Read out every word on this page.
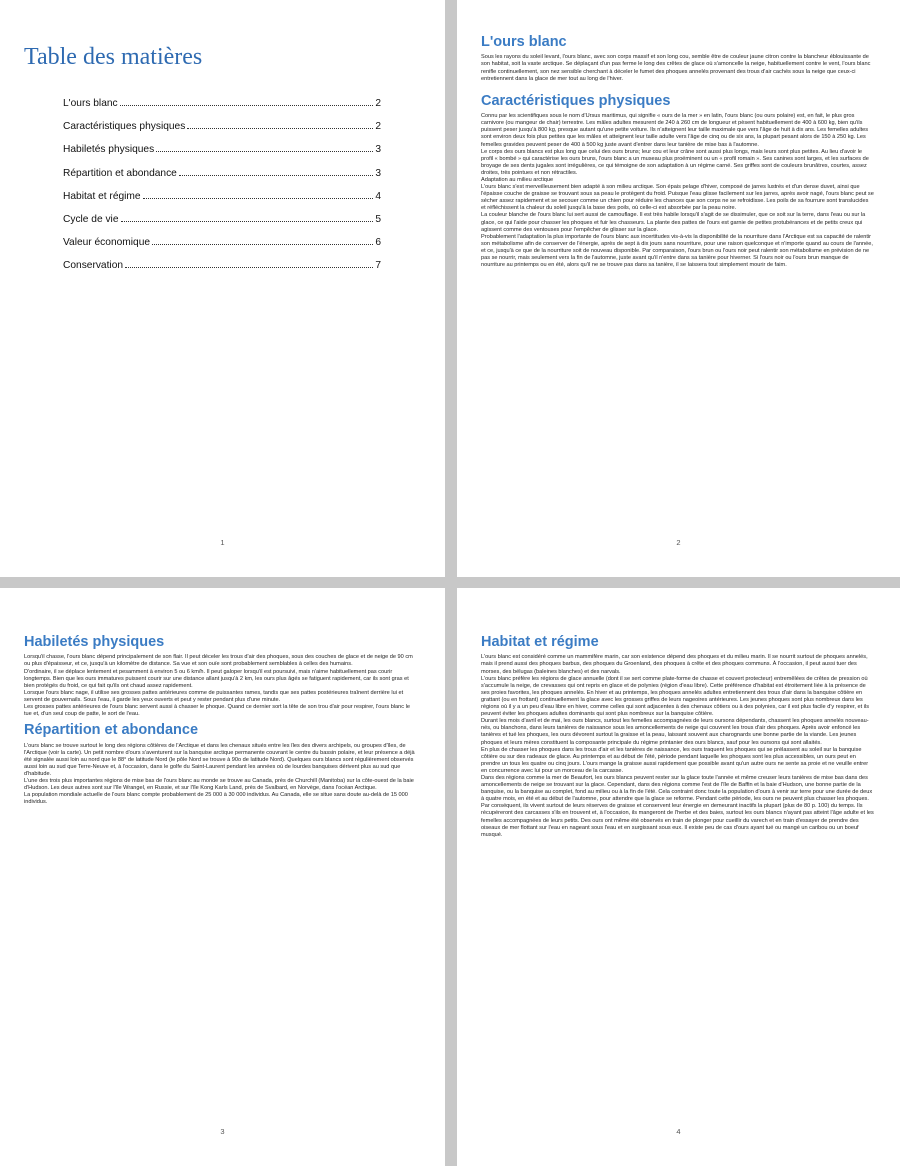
Table des matières
L'ours blanc	2
Caractéristiques physiques	2
Habiletés physiques	3
Répartition et abondance	3
Habitat et régime	4
Cycle de vie	5
Valeur économique	6
Conservation	7
1
L'ours blanc

Sous les rayons du soleil levant, l'ours blanc, avec son corps massif et son long cou, semble être de couleur jaune citron contre la blancheur éblouissante de son habitat, soit la vaste arctique. Se déplaçant d'un pas ferme le long des crêtes de glace où s'amoncelle la neige, habituellement contre le vent, l'ours blanc renifle continuellement, son nez sensible cherchant à déceler le fumet des phoques annelés provenant des trous d'air cachés sous la neige que ceux-ci entretiennent dans la glace de mer tout au long de l'hiver.

Caractéristiques physiques

Connu par les scientifiques sous le nom d'Ursus maritimus, qui signifie « ours de la mer » en latin, l'ours blanc (ou ours polaire) est, en fait, le plus gros carnivore (ou mangeur de chair) terrestre. Les mâles adultes mesurent de 240 à 260 cm de longueur et pèsent habituellement de 400 à 600 kg, bien qu'ils puissent peser jusqu'à 800 kg, presque autant qu'une petite voiture. Ils n'atteignent leur taille maximale que vers l'âge de huit à dix ans. Les femelles adultes sont environ deux fois plus petites que les mâles et atteignent leur taille adulte vers l'âge de cinq ou de six ans, la plupart pesant alors de 150 à 250 kg. Les femelles gravides peuvent peser de 400 à 500 kg juste avant d'entrer dans leur tanière de mise bas à l'automne.

Le corps des ours blancs est plus long que celui des ours bruns; leur cou et leur crâne sont aussi plus longs, mais leurs sont plus petites. Au lieu d'avoir le profil « bombé » qui caractérise les ours bruns, l'ours blanc a un museau plus proéminent ou un « profil romain ». Ses canines sont larges, et les surfaces de broyage de ses dents jugales sont irrégulières, ce qui témoigne de son adaptation à un régime carné. Ses griffes sont de couleurs brunâtres, courtes, assez droites, très pointues et non rétractiles.

Adaptation au milieu arctique

L'ours blanc s'est merveilleusement bien adapté à son milieu arctique. Son épais pelage d'hiver, composé de jarres lustrés et d'un dense duvet, ainsi que l'épaisse couche de graisse se trouvant sous sa peau le protègent du froid. Puisque l'eau glisse facilement sur les jarres, après avoir nagé, l'ours blanc peut se sécher assez rapidement et se secouer comme un chien pour réduire les chances que son corps ne se refroidisse. Les poils de sa fourrure sont translucides et réfléchissent la chaleur du soleil jusqu'à la base des poils, où celle-ci est absorbée par la peau noire.

La couleur blanche de l'ours blanc lui sert aussi de camouflage. Il est très habile lorsqu'il s'agit de se dissimuler, que ce soit sur la terre, dans l'eau ou sur la glace, ce qui l'aide pour chasser les phoques et fuir les chasseurs. La plante des pattes de l'ours est garnie de petites protubérances et de petits creux qui agissent comme des ventouses pour l'empêcher de glisser sur la glace.

Probablement l'adaptation la plus importante de l'ours blanc aux incertitudes vis-à-vis la disponibilité de la nourriture dans l'Arctique est sa capacité de ralentir son métabolisme afin de conserver de l'énergie, après de sept à dix jours sans nourriture, pour une raison quelconque et n'importe quand au cours de l'année, et ce, jusqu'à ce que de la nourriture soit de nouveau disponible. Par comparaison, l'ours brun ou l'ours noir peut ralentir son métabolisme en prévision de ne pas se nourrir, mais seulement vers la fin de l'automne, juste avant qu'il n'entre dans sa tanière pour hiverner. Si l'ours noir ou l'ours brun manque de nourriture au printemps ou en été, alors qu'il ne se trouve pas dans sa tanière, il se laissera tout simplement mourir de faim.

2
Habiletés physiques

Lorsqu'il chasse, l'ours blanc dépend principalement de son flair. Il peut déceler les trous d'air des phoques, sous des couches de glace et de neige de 90 cm ou plus d'épaisseur, et ce, jusqu'à un kilomètre de distance. Sa vue et son ouïe sont probablement semblables à celles des humains.

D'ordinaire, il se déplace lentement et pesamment à environ 5 ou 6 km/h. Il peut galoper lorsqu'il est poursuivi, mais n'aime habituellement pas courir longtemps. Bien que les ours immatures puissent courir sur une distance allant jusqu'à 2 km, les ours plus âgés se fatiguent rapidement, car ils sont gras et bien protégés du froid, ce qui fait qu'ils ont chaud assez rapidement.

Lorsque l'ours blanc nage, il utilise ses grosses pattes antérieures comme de puissantes rames, tandis que ses pattes postérieures traînent derrière lui et servent de gouvernails. Sous l'eau, il garde les yeux ouverts et peut y rester pendant plus d'une minute.

Les grosses pattes antérieures de l'ours blanc servent aussi à chasser le phoque. Quand ce dernier sort la tête de son trou d'air pour respirer, l'ours blanc le tue et, d'un seul coup de patte, le sort de l'eau.

Répartition et abondance

L'ours blanc se trouve surtout le long des régions côtières de l'Arctique et dans les chenaux situés entre les îles des divers archipels, ou groupes d'îles, de l'Arctique (voir la carte). Un petit nombre d'ours s'aventurent sur la banquise arctique permanente couvrant le centre du bassin polaire, et leur présence a déjà été signalée aussi loin au nord que le 88° de latitude Nord (le pôle Nord se trouve à 90o de latitude Nord). Quelques ours blancs sont régulièrement observés aussi loin au sud que Terre-Neuve et, à l'occasion, dans le golfe du Saint-Laurent pendant les années où de lourdes banquises dérivent plus au sud que d'habitude.

L'une des trois plus importantes régions de mise bas de l'ours blanc au monde se trouve au Canada, près de Churchill (Manitoba) sur la côte-ouest de la baie d'Hudson. Les deux autres sont sur l'île Wrangel, en Russie, et sur l'île Kong Karls Land, près de Svalbard, en Norvège, dans l'océan Arctique.

La population mondiale actuelle de l'ours blanc compte probablement de 25 000 à 30 000 individus. Au Canada, elle se situe sans doute au-delà de 15 000 individus.

3
Habitat et régime

L'ours blanc est considéré comme un mammifère marin, car son existence dépend des phoques et du milieu marin. Il se nourrit surtout de phoques annelés, mais il prend aussi des phoques barbus, des phoques du Groenland, des phoques à crête et des phoques communs. À l'occasion, il peut aussi tuer des morses, des bélugas (baleines blanches) et des narvals.

L'ours blanc préfère les régions de glace annuelle (dont il se sert comme plate-forme de chasse et couvert protecteur) entremêlées de crêtes de pression où s'accumule la neige, de crevasses qui ont repris en glace et de polynies (région d'eau libre). Cette préférence d'habitat est étroitement liée à la présence de ses proies favorites, les phoques annelés. En hiver et au printemps, les phoques annelés adultes entretiennent des trous d'air dans la banquise côtière en grattant (ou en frottant) continuellement la glace avec les grosses griffes de leurs nageoires antérieures. Les jeunes phoques sont plus nombreux dans les régions où il y a un peu d'eau libre en hiver, comme celles qui sont adjacentes à des chenaux côtiers ou à des polynies, car il est plus facile d'y respirer, et ils peuvent éviter les phoques adultes dominants qui sont plus nombreux sur la banquise côtière.

Durant les mois d'avril et de mai, les ours blancs, surtout les femelles accompagnées de leurs oursons dépendants, chassent les phoques annelés nouveau-nés, ou blanchons, dans leurs tanières de naissance sous les amoncellements de neige qui couvrent les trous d'air des phoques. Après avoir enfoncé les tanières et tué les phoques, les ours dévorent surtout la graisse et la peau, laissant souvent aux charognards une bonne partie de la viande. Les jeunes phoques et leurs mères constituent la composante principale du régime printanier des ours blancs, sauf pour les oursons qui sont allaités.

En plus de chasser les phoques dans les trous d'air et les tanières de naissance, les ours traquent les phoques qui se prélassent au soleil sur la banquise côtière ou sur des radeaux de glace. Au printemps et au début de l'été, période pendant laquelle les phoques sont les plus accessibles, un ours peut en prendre un tous les quatre ou cinq jours. L'ours mange la graisse aussi rapidement que possible avant qu'un autre ours ne sente sa proie et ne veuille entrer en concurrence avec lui pour un morceau de la carcasse.

Dans des régions comme la mer de Beaufort, les ours blancs peuvent rester sur la glace toute l'année et même creuser leurs tanières de mise bas dans des amoncellements de neige se trouvant sur la glace. Cependant, dans des régions comme l'est de l'île de Baffin et la baie d'Hudson, une bonne partie de la banquise, ou la banquise au complet, fond au milieu ou à la fin de l'été. Cela contraint donc toute la population d'ours à venir sur terre pour une durée de deux à quatre mois, en été et au début de l'automne, pour attendre que la glace se reforme. Pendant cette période, les ours ne peuvent plus chasser les phoques. Par conséquent, ils vivent surtout de leurs réserves de graisse et conservent leur énergie en demeurant inactifs la plupart (plus de 80 p. 100) du temps. Ils récupéreront des carcasses s'ils en trouvent et, à l'occasion, ils mangeront de l'herbe et des baies, surtout les ours blancs n'ayant pas atteint l'âge adulte et les femelles accompagnées de leurs petits. Des ours ont même été observés en train de plonger pour cueillir du varech et en train d'essayer de prendre des oiseaux de mer flottant sur l'eau en nageant sous l'eau et en surgissant sous eux. Il existe peu de cas d'ours ayant tué ou mangé un caribou ou un boeuf musqué.

4
